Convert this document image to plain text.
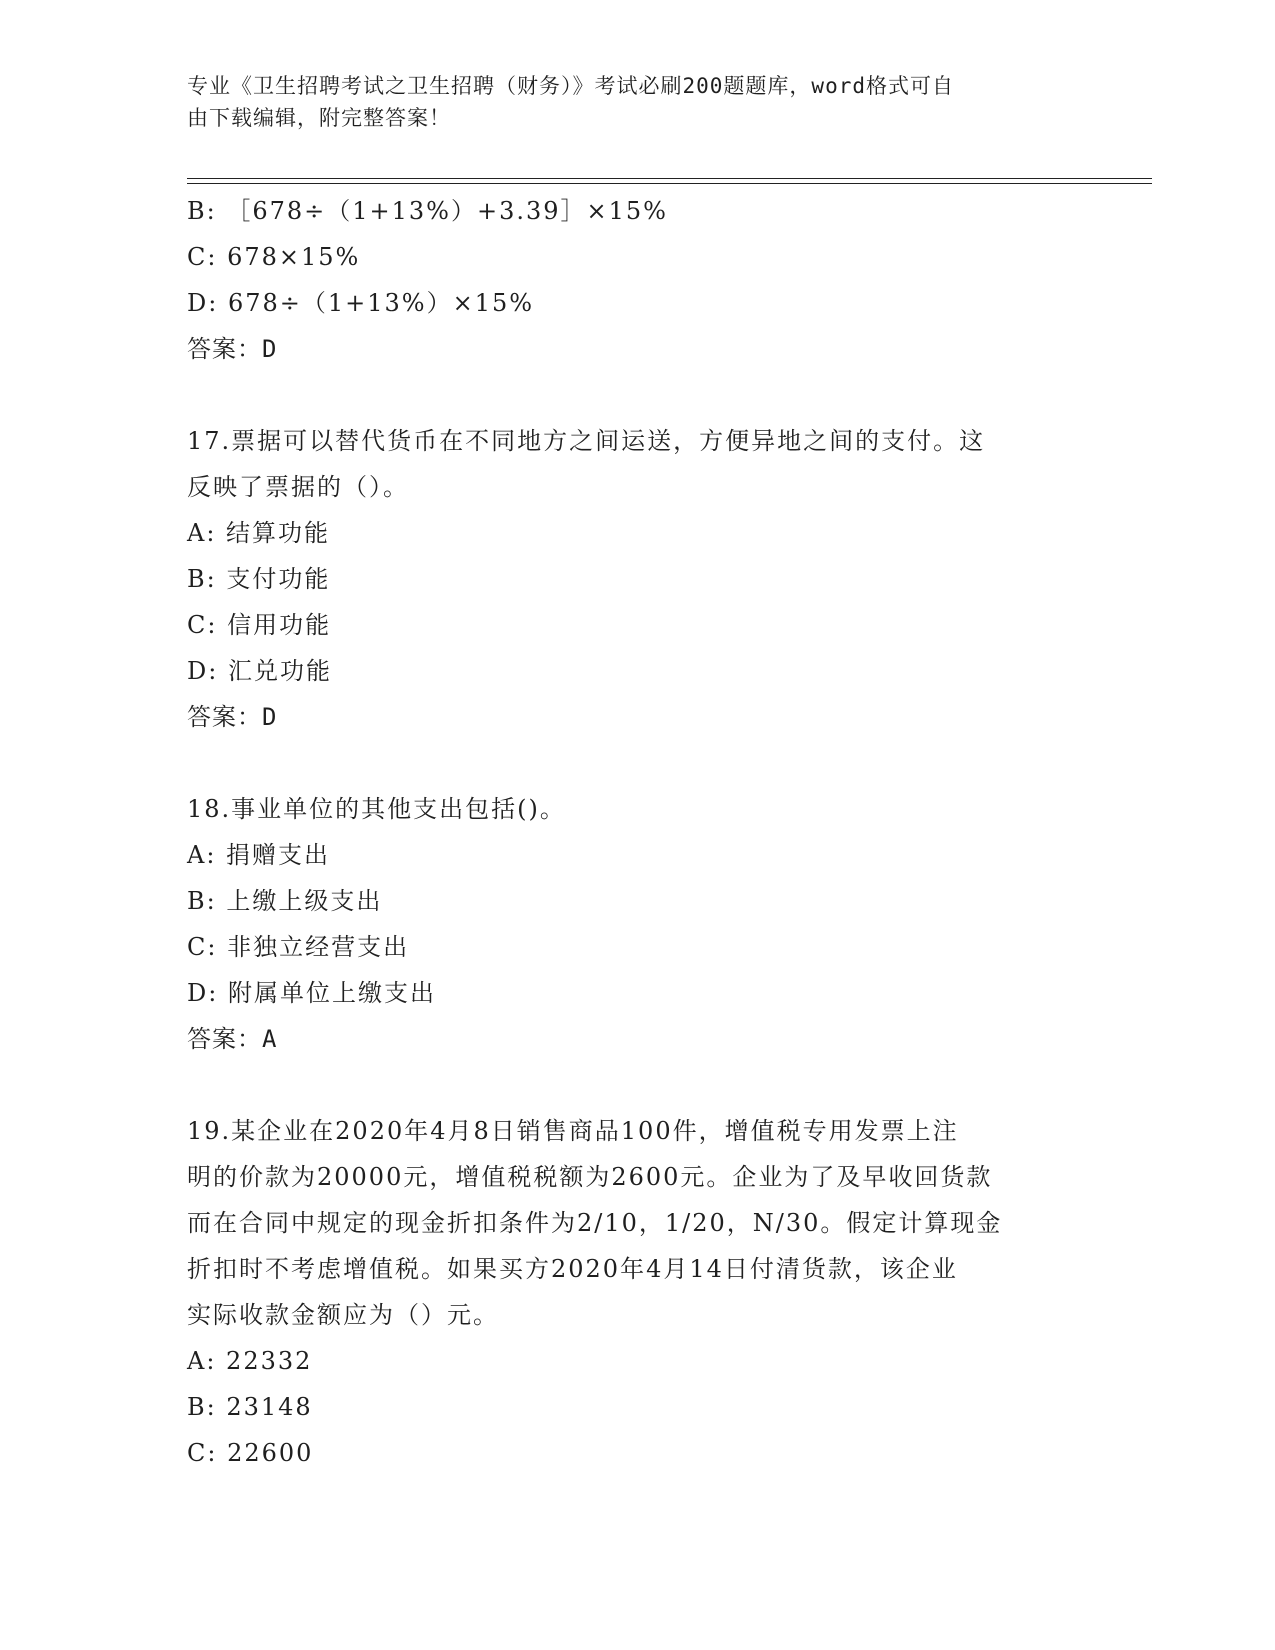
专业《卫生招聘考试之卫生招聘（财务）》考试必刷200题题库，word格式可自
由下载编辑，附完整答案！
B: ［678÷（1+13%）+3.39］×15%
C: 678×15%
D: 678÷（1+13%）×15%
答案：D
17.票据可以替代货币在不同地方之间运送，方便异地之间的支付。这
反映了票据的（）。
A: 结算功能
B: 支付功能
C: 信用功能
D: 汇兑功能
答案：D
18.事业单位的其他支出包括()。
A: 捐赠支出
B: 上缴上级支出
C: 非独立经营支出
D: 附属单位上缴支出
答案：A
19.某企业在2020年4月8日销售商品100件，增值税专用发票上注
明的价款为20000元，增值税税额为2600元。企业为了及早收回货款
而在合同中规定的现金折扣条件为2/10，1/20，N/30。假定计算现金
折扣时不考虑增值税。如果买方2020年4月14日付清货款，该企业
实际收款金额应为（）元。
A: 22332
B: 23148
C: 22600
